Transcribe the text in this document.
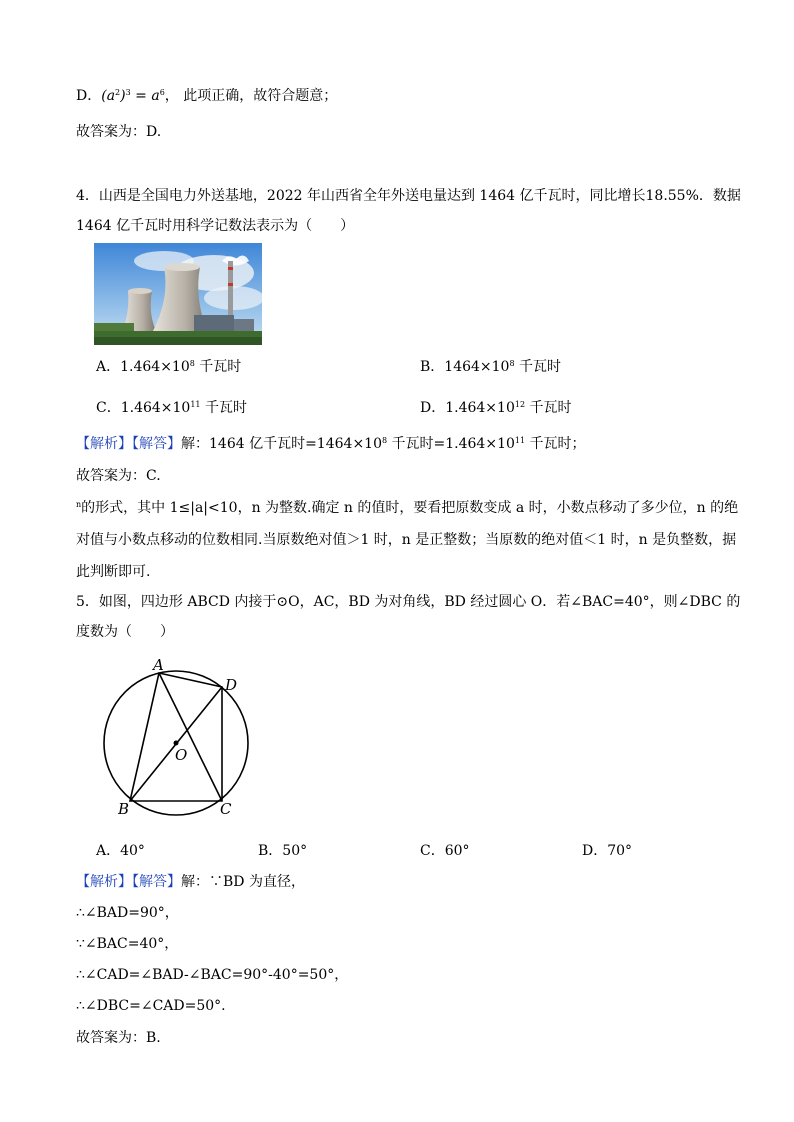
D．$(a^2)^3 = a^6$， 此项正确，故符合题意；
故答案为：D.
4．山西是全国电力外送基地，2022 年山西省全年外送电量达到 1464 亿千瓦时，同比增长18.55%．数据
1464 亿千瓦时用科学记数法表示为（　　）
A．$1.464\times 10^8$ 千瓦时	B．$1464\times 10^8$ 千瓦时
C．$1.464\times 10^{11}$ 千瓦时	D．$1.464\times 10^{12}$ 千瓦时
【解析】【解答】解：1464 亿千瓦时$=1464\times 10^8$ 千瓦时$=1.464\times 10^{11}$ 千瓦时；
故答案为：C.
$^n$的形式，其中 1≤|a|<10，n 为整数.确定 n 的值时，要看把原数变成 a 时，小数点移动了多少位，n 的绝
对值与小数点移动的位数相同.当原数绝对值＞1 时，n 是正整数；当原数的绝对值＜1 时，n 是负整数，据
此判断即可.
5．如图，四边形 ABCD 内接于⊙O，AC，BD 为对角线，BD 经过圆心 O．若∠BAC=40°，则∠DBC 的
度数为（　　）
A
D
O
B	C
A．40°	B．50°	C．60°	D．70°
【解析】【解答】解：∵BD 为直径，
∴∠BAD=90°，
∵∠BAC=40°，
∴∠CAD=∠BAD-∠BAC=90°-40°=50°，
∴∠DBC=∠CAD=50°.
故答案为：B.
